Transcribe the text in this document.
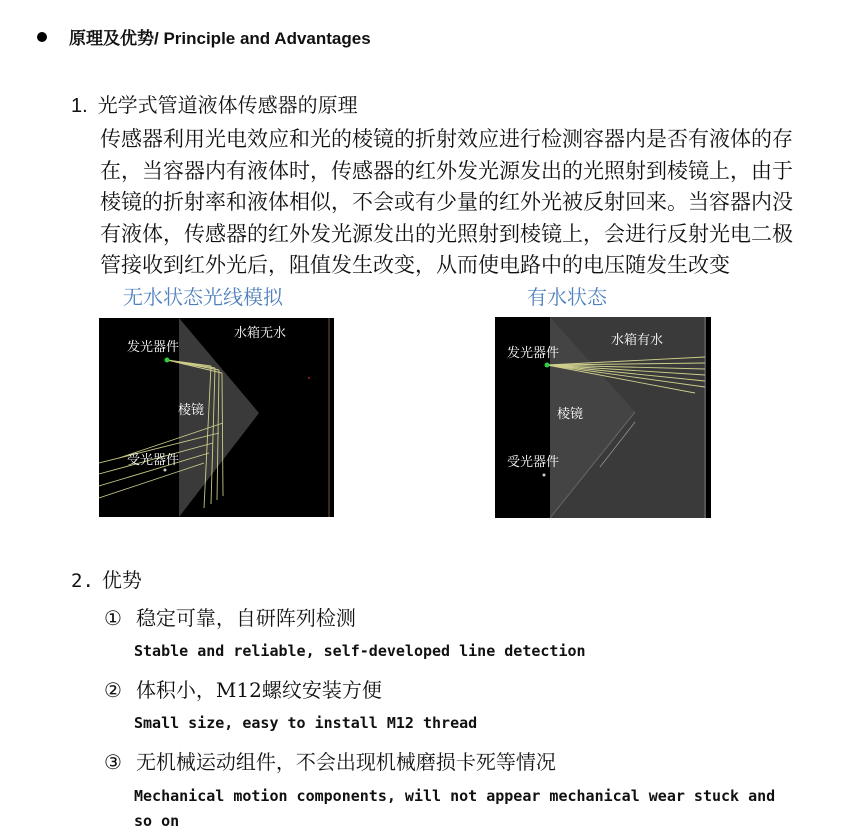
原理及优势/ Principle and Advantages
1. 光学式管道液体传感器的原理
传感器利用光电效应和光的棱镜的折射效应进行检测容器内是否有液体的存
在，当容器内有液体时，传感器的红外发光源发出的光照射到棱镜上，由于
棱镜的折射率和液体相似，不会或有少量的红外光被反射回来。当容器内没
有液体，传感器的红外发光源发出的光照射到棱镜上，会进行反射光电二极
管接收到红外光后，阻值发生改变，从而使电路中的电压随发生改变
无水状态光线模拟	有水状态
发光器件
水箱无水
棱镜
受光器件
发光器件
水箱有水
棱镜
受光器件
2. 优势
① 稳定可靠，自研阵列检测
Stable and reliable, self-developed line detection
② 体积小，M12螺纹安装方便
Small size, easy to install M12 thread
③ 无机械运动组件，不会出现机械磨损卡死等情况
Mechanical motion components, will not appear mechanical wear stuck and
so on
